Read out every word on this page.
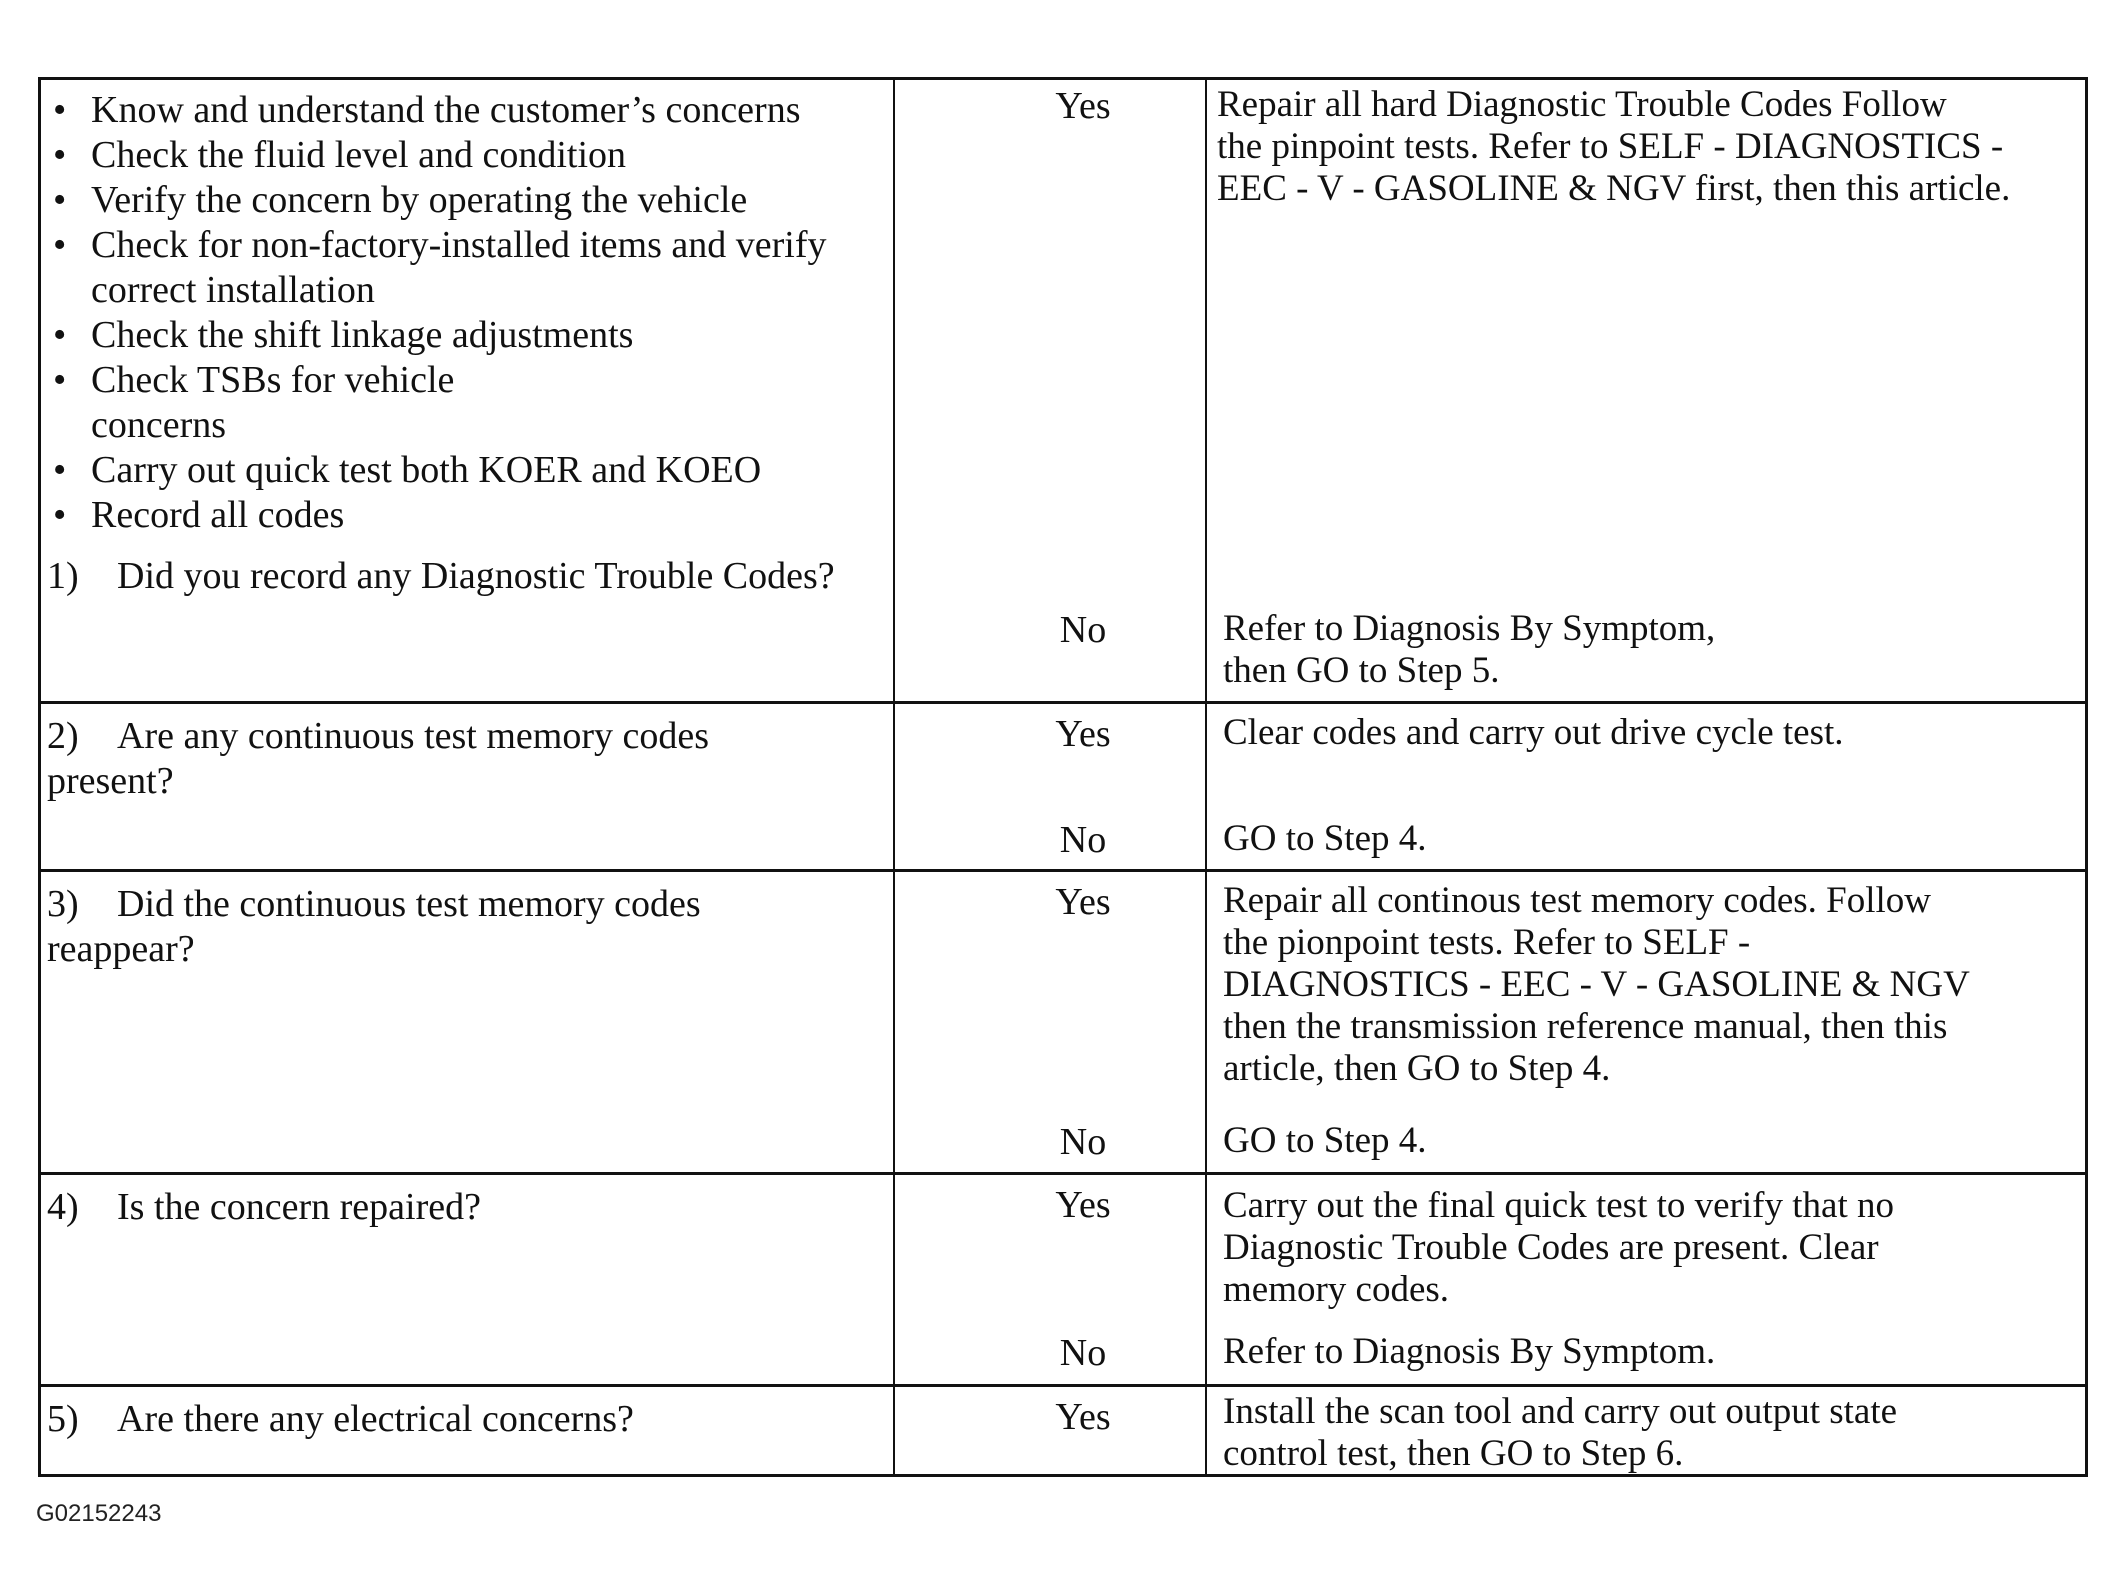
• Know and understand the customer’s concerns
• Check the fluid level and condition
• Verify the concern by operating the vehicle
• Check for non-factory-installed items and verify
correct installation
• Check the shift linkage adjustments
• Check TSBs for vehicle
concerns
• Carry out quick test both KOER and KOEO
• Record all codes
1) Did you record any Diagnostic Trouble Codes?
Yes	Repair all hard Diagnostic Trouble Codes Follow
the pinpoint tests. Refer to SELF - DIAGNOSTICS -
EEC - V - GASOLINE & NGV first, then this article.
No	Refer to Diagnosis By Symptom,
then GO to Step 5.
2) Are any continuous test memory codes
present?
Yes	Clear codes and carry out drive cycle test.
No	GO to Step 4.
3) Did the continuous test memory codes
reappear?
Yes	Repair all continous test memory codes. Follow
the pionpoint tests. Refer to SELF -
DIAGNOSTICS - EEC - V - GASOLINE & NGV
then the transmission reference manual, then this
article, then GO to Step 4.
No	GO to Step 4.
4) Is the concern repaired?	Yes	Carry out the final quick test to verify that no
Diagnostic Trouble Codes are present. Clear
memory codes.
No	Refer to Diagnosis By Symptom.
5) Are there any electrical concerns?	Yes	Install the scan tool and carry out output state
control test, then GO to Step 6.
G02152243
